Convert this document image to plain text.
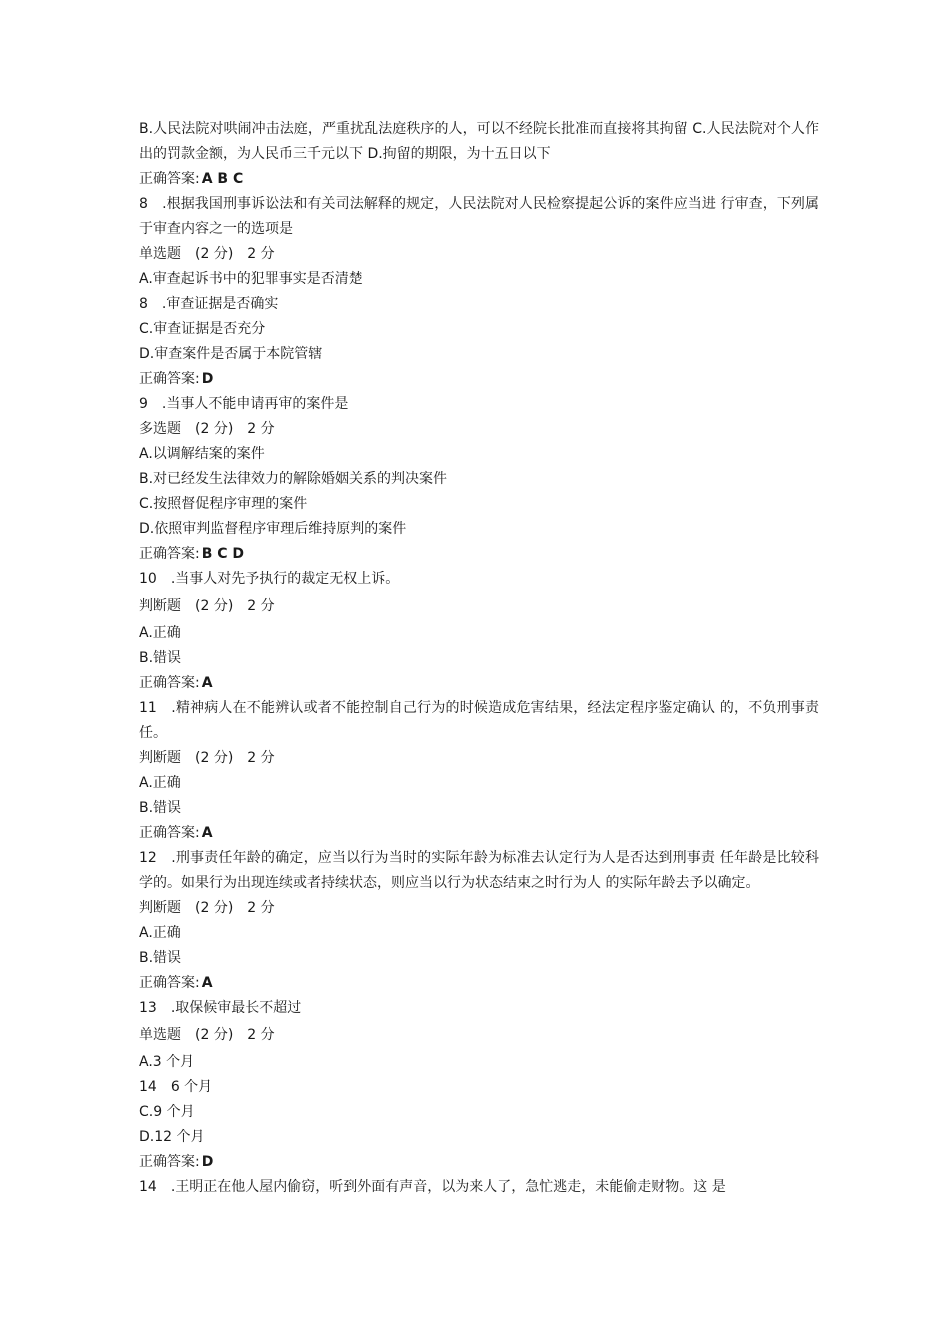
B.人民法院对哄闹冲击法庭，严重扰乱法庭秩序的人，可以不经院长批准而直接将其拘留 C.人民法院对个人作出的罚款金额，为人民币三千元以下 D.拘留的期限，为十五日以下
正确答案: A B C
8　.根据我国刑事诉讼法和有关司法解释的规定，人民法院对人民检察提起公诉的案件应当进 行审查，下列属于审查内容之一的选项是
单选题　(2 分)　2 分
A.审查起诉书中的犯罪事实是否清楚
8　.审查证据是否确实
C.审查证据是否充分
D.审查案件是否属于本院管辖
正确答案: D
9　.当事人不能申请再审的案件是
多选题　(2 分)　2 分
A.以调解结案的案件
B.对已经发生法律效力的解除婚姻关系的判决案件
C.按照督促程序审理的案件
D.依照审判监督程序审理后维持原判的案件
正确答案: B C D
10　.当事人对先予执行的裁定无权上诉。
判断题　(2 分)　2 分
A.正确
B.错误
正确答案: A
11　.精神病人在不能辨认或者不能控制自己行为的时候造成危害结果，经法定程序鉴定确认 的，不负刑事责任。
判断题　(2 分)　2 分
A.正确
B.错误
正确答案: A
12　.刑事责任年龄的确定，应当以行为当时的实际年龄为标准去认定行为人是否达到刑事责 任年龄是比较科学的。如果行为出现连续或者持续状态，则应当以行为状态结束之时行为人 的实际年龄去予以确定。
判断题　(2 分)　2 分
A.正确
B.错误
正确答案: A
13　.取保候审最长不超过
单选题　(2 分)　2 分
A.3 个月
14　6 个月
C.9 个月
D.12 个月
正确答案: D
14　.王明正在他人屋内偷窃，听到外面有声音，以为来人了，急忙逃走，未能偷走财物。这 是
